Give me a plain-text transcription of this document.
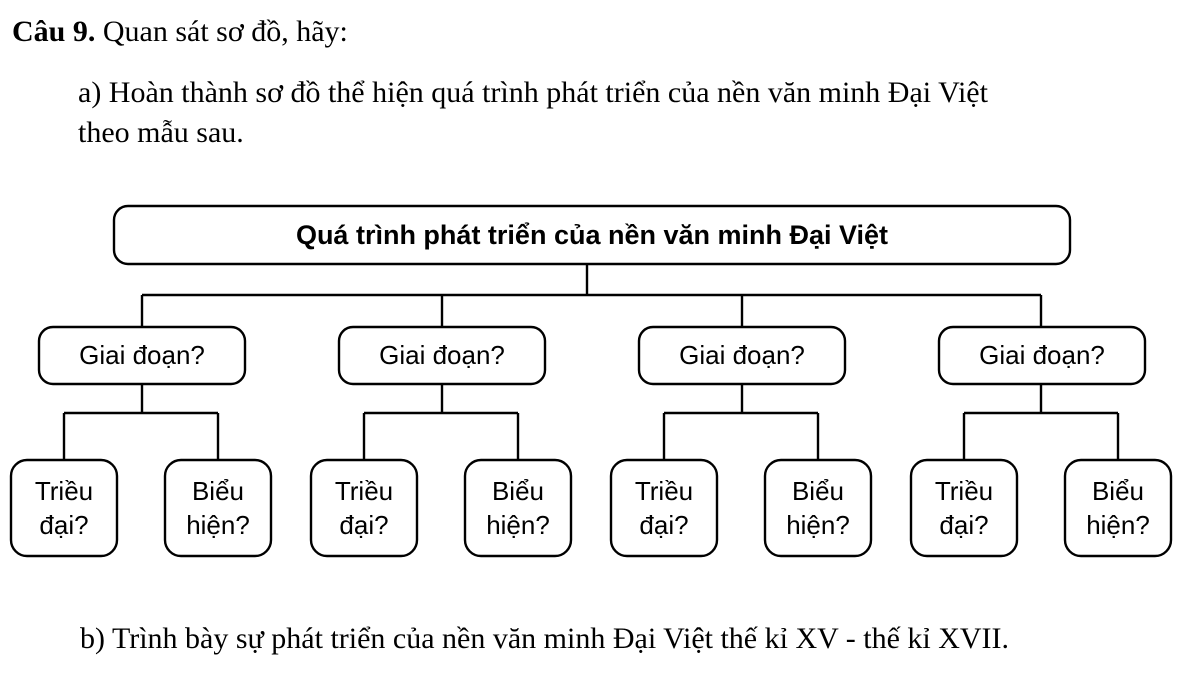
Câu 9. Quan sát sơ đồ, hãy:
a) Hoàn thành sơ đồ thể hiện quá trình phát triển của nền văn minh Đại Việt
theo mẫu sau.
Quá trình phát triển của nền văn minh Đại Việt
Giai đoạn?
Triều
đại?
Biểu
hiện?
Giai đoạn?
Triều
đại?
Biểu
hiện?
Giai đoạn?
Triều
đại?
Biểu
hiện?
Giai đoạn?
Triều
đại?
Biểu
hiện?
b) Trình bày sự phát triển của nền văn minh Đại Việt thế kỉ XV - thế kỉ XVII.
